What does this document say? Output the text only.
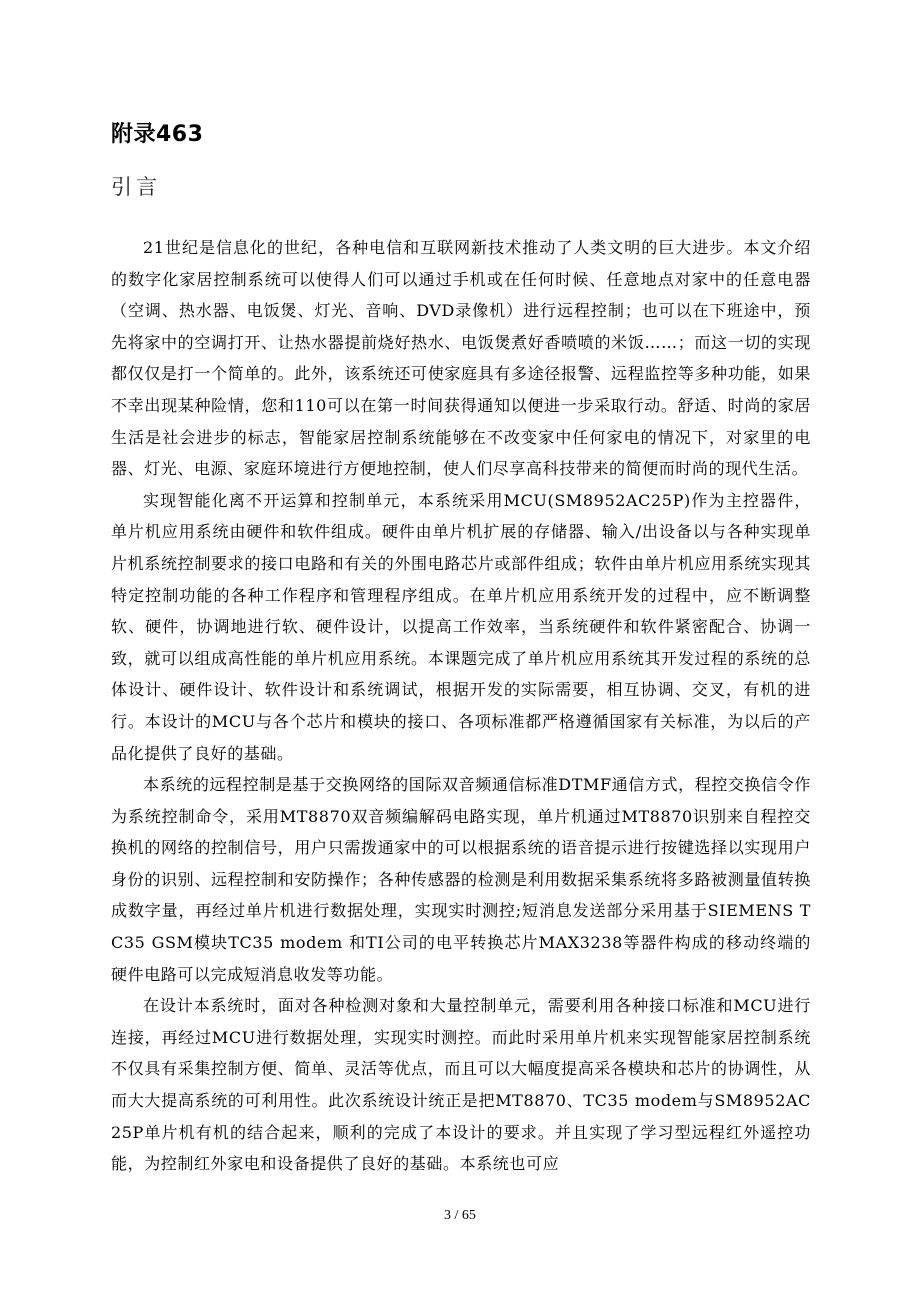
附录463
引言

21世纪是信息化的世纪，各种电信和互联网新技术推动了人类文明的巨大进步。本文介绍的数字化家居控制系统可以使得人们可以通过手机或在任何时候、任意地点对家中的任意电器（空调、热水器、电饭煲、灯光、音响、DVD录像机）进行远程控制；也可以在下班途中，预先将家中的空调打开、让热水器提前烧好热水、电饭煲煮好香喷喷的米饭……；而这一切的实现都仅仅是打一个简单的。此外，该系统还可使家庭具有多途径报警、远程监控等多种功能，如果不幸出现某种险情，您和110可以在第一时间获得通知以便进一步采取行动。舒适、时尚的家居生活是社会进步的标志，智能家居控制系统能够在不改变家中任何家电的情况下，对家里的电器、灯光、电源、家庭环境进行方便地控制，使人们尽享高科技带来的简便而时尚的现代生活。

实现智能化离不开运算和控制单元，本系统采用MCU(SM8952AC25P)作为主控器件，单片机应用系统由硬件和软件组成。硬件由单片机扩展的存储器、输入/出设备以与各种实现单片机系统控制要求的接口电路和有关的外围电路芯片或部件组成；软件由单片机应用系统实现其特定控制功能的各种工作程序和管理程序组成。在单片机应用系统开发的过程中，应不断调整软、硬件，协调地进行软、硬件设计，以提高工作效率，当系统硬件和软件紧密配合、协调一致，就可以组成高性能的单片机应用系统。本课题完成了单片机应用系统其开发过程的系统的总体设计、硬件设计、软件设计和系统调试，根据开发的实际需要，相互协调、交叉，有机的进行。本设计的MCU与各个芯片和模块的接口、各项标准都严格遵循国家有关标准，为以后的产品化提供了良好的基础。

本系统的远程控制是基于交换网络的国际双音频通信标准DTMF通信方式，程控交换信令作为系统控制命令，采用MT8870双音频编解码电路实现，单片机通过MT8870识别来自程控交换机的网络的控制信号，用户只需拨通家中的可以根据系统的语音提示进行按键选择以实现用户身份的识别、远程控制和安防操作；各种传感器的检测是利用数据采集系统将多路被测量值转换成数字量，再经过单片机进行数据处理，实现实时测控;短消息发送部分采用基于SIEMENS TC35 GSM模块TC35 modem 和TI公司的电平转换芯片MAX3238等器件构成的移动终端的硬件电路可以完成短消息收发等功能。

在设计本系统时，面对各种检测对象和大量控制单元，需要利用各种接口标准和MCU进行连接，再经过MCU进行数据处理，实现实时测控。而此时采用单片机来实现智能家居控制系统不仅具有采集控制方便、简单、灵活等优点，而且可以大幅度提高采各模块和芯片的协调性，从而大大提高系统的可利用性。此次系统设计统正是把MT8870、TC35 modem与SM8952AC25P单片机有机的结合起来，顺利的完成了本设计的要求。并且实现了学习型远程红外遥控功能，为控制红外家电和设备提供了良好的基础。本系统也可应

3 / 65
